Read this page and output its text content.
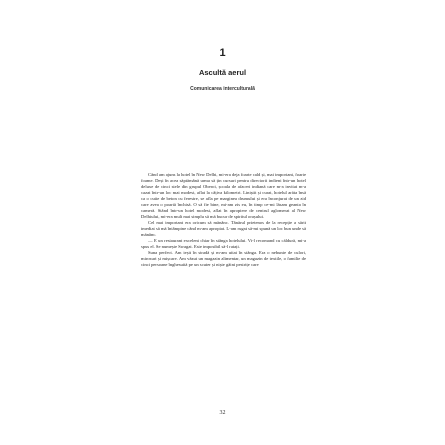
1
Ascultă aerul
Comunicarea interculturală

Când am ajuns la hotel în New Delhi, mi-era deja foarte cald și, mai important, foarte foame. Deși în acea săptămână urma să țin cursuri pentru directorii indieni într-un hotel deluxe de cinci stele din grupul Oberoi, școala de afaceri indiană care m-a invitat m-a cazat într-un loc mai modest, aflat la câțiva kilometri. Liniștit și curat, hotelul arăta însă ca o cutie de beton cu ferestre, se afla pe marginea drumului și era înconjurat de un zid care avea o poartă închisă. O să fie bine, mi-am zis eu, în timp ce-mi lăsam geanta în cameră. Stând într-un hotel modest, aflat în apropiere de centrul aglomerat al New Delhiului, mi-era mult mai simplu să mă bucur de spiritul orașului.

Cel mai important era oricum să mănânc. Tânărul prietenos de la recepție a sărit imediat să mă întâmpine când m-am apropiat. L-am rugat să-mi spună un loc bun unde să mănânc.

— E un restaurant excelent chiar în stânga hotelului. Vi-l recomand cu căldură, mi-a spus el. Se numește Swagat. Este imposibil să-l ratați.

Suna perfect. Am ieșit în stradă și m-am uitat în stânga. Era o nebunie de culori, mirosuri și mișcare. Am văzut un magazin alimentar, un magazin de textile, o familie de cinci persoane înghesuită pe un scuter și niște găini pestrițe care

32
